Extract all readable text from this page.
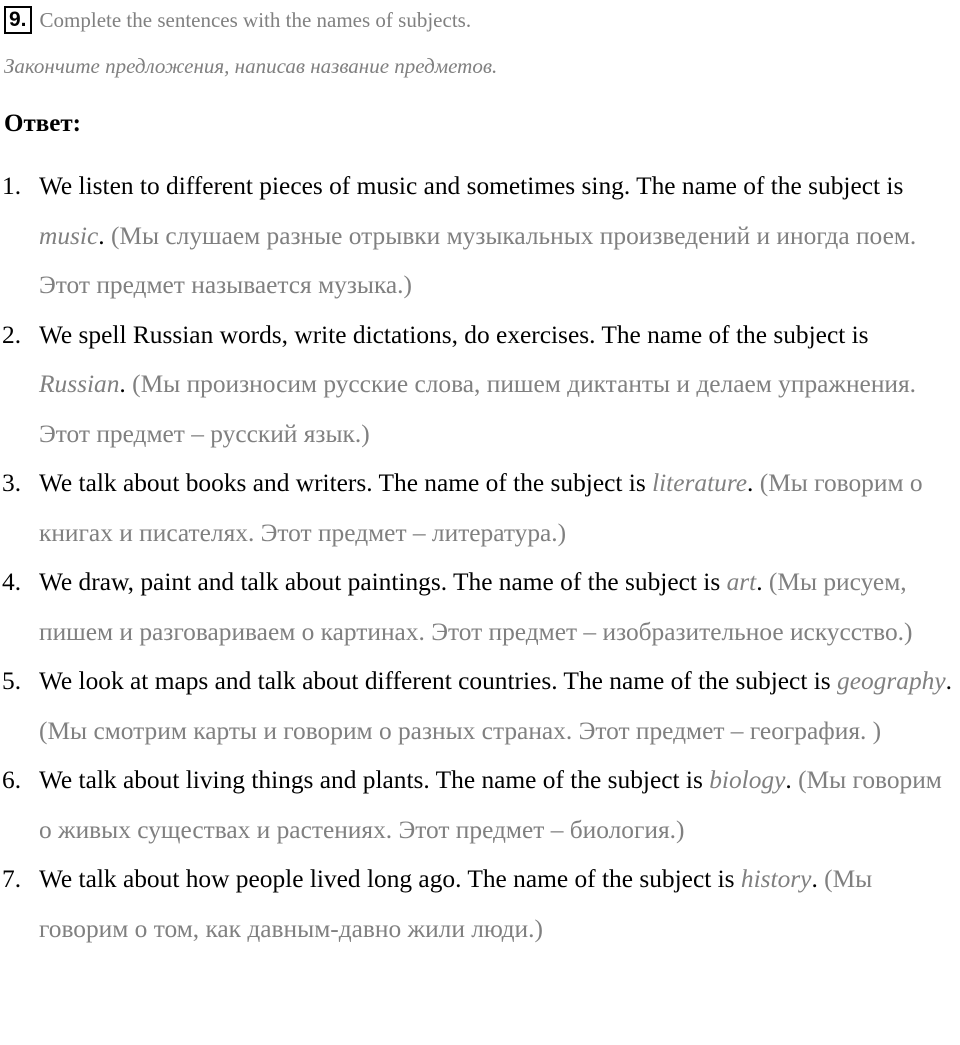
9. Complete the sentences with the names of subjects.
Закончите предложения, написав название предметов.
Ответ:
1. We listen to different pieces of music and sometimes sing. The name of the subject is music. (Мы слушаем разные отрывки музыкальных произведений и иногда поем. Этот предмет называется музыка.)
2. We spell Russian words, write dictations, do exercises. The name of the subject is Russian. (Мы произносим русские слова, пишем диктанты и делаем упражнения. Этот предмет – русский язык.)
3. We talk about books and writers. The name of the subject is literature. (Мы говорим о книгах и писателях. Этот предмет – литература.)
4. We draw, paint and talk about paintings. The name of the subject is art. (Мы рисуем, пишем и разговариваем о картинах. Этот предмет – изобразительное искусство.)
5. We look at maps and talk about different countries. The name of the subject is geography. (Мы смотрим карты и говорим о разных странах. Этот предмет – география. )
6. We talk about living things and plants. The name of the subject is biology. (Мы говорим о живых существах и растениях. Этот предмет – биология.)
7. We talk about how people lived long ago. The name of the subject is history. (Мы говорим о том, как давным-давно жили люди.)
